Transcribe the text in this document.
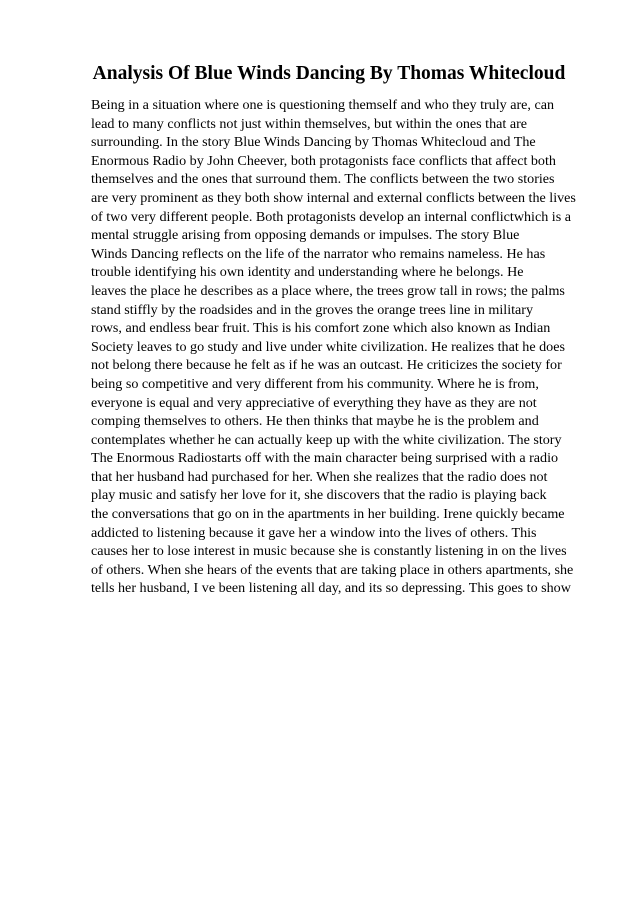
Analysis Of Blue Winds Dancing By Thomas Whitecloud
Being in a situation where one is questioning themself and who they truly are, can
lead to many conflicts not just within themselves, but within the ones that are
surrounding. In the story Blue Winds Dancing by Thomas Whitecloud and The
Enormous Radio by John Cheever, both protagonists face conflicts that affect both
themselves and the ones that surround them. The conflicts between the two stories
are very prominent as they both show internal and external conflicts between the lives
of two very different people. Both protagonists develop an internal conflictwhich is a
mental struggle arising from opposing demands or impulses. The story Blue
Winds Dancing reflects on the life of the narrator who remains nameless. He has
trouble identifying his own identity and understanding where he belongs. He
leaves the place he describes as a place where, the trees grow tall in rows; the palms
stand stiffly by the roadsides and in the groves the orange trees line in military
rows, and endless bear fruit. This is his comfort zone which also known as Indian
Society leaves to go study and live under white civilization. He realizes that he does
not belong there because he felt as if he was an outcast. He criticizes the society for
being so competitive and very different from his community. Where he is from,
everyone is equal and very appreciative of everything they have as they are not
comping themselves to others. He then thinks that maybe he is the problem and
contemplates whether he can actually keep up with the white civilization. The story
The Enormous Radiostarts off with the main character being surprised with a radio
that her husband had purchased for her. When she realizes that the radio does not
play music and satisfy her love for it, she discovers that the radio is playing back
the conversations that go on in the apartments in her building. Irene quickly became
addicted to listening because it gave her a window into the lives of others. This
causes her to lose interest in music because she is constantly listening in on the lives
of others. When she hears of the events that are taking place in others apartments, she
tells her husband, I ve been listening all day, and its so depressing. This goes to show
